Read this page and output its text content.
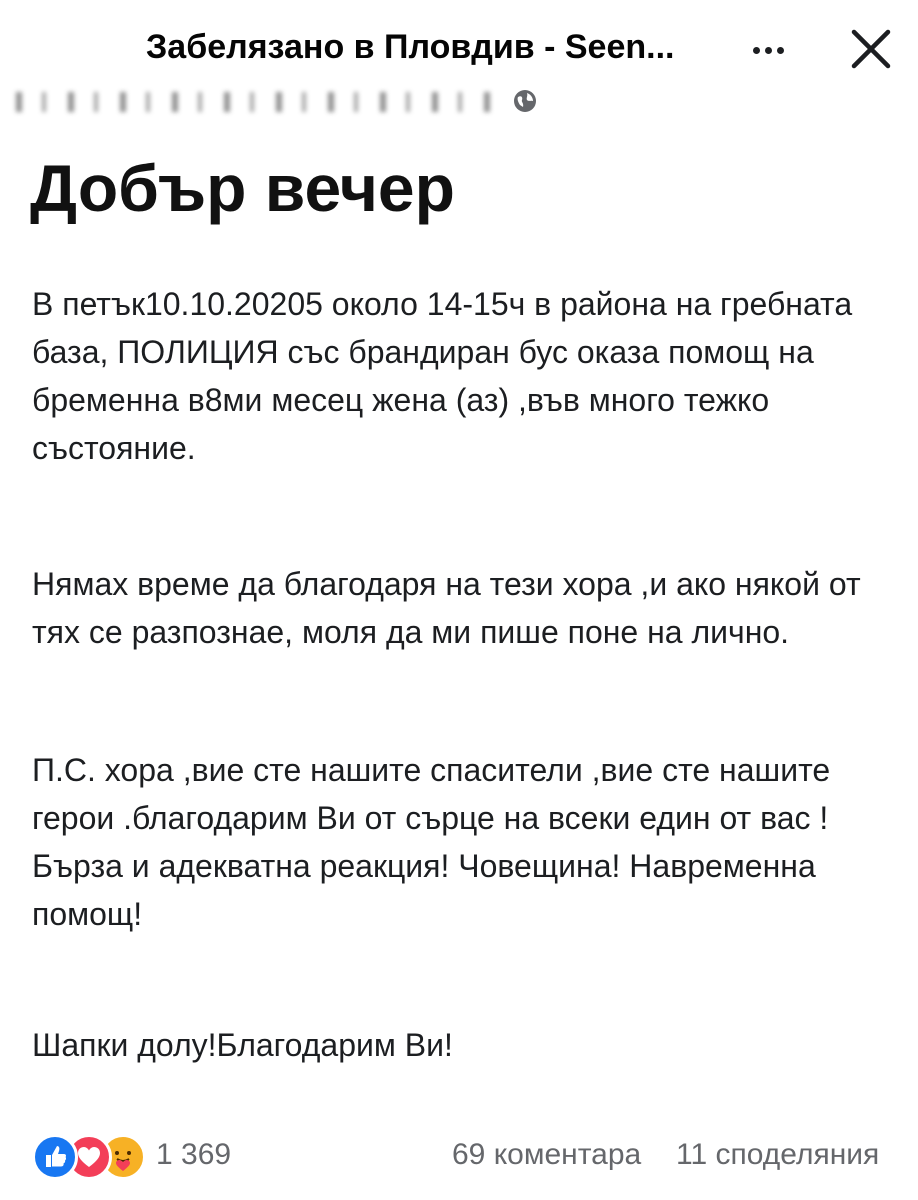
Забелязано в Пловдив - Seen...
Добър вечер

В петък10.10.20205 около 14-15ч в района на гребната база, ПОЛИЦИЯ със брандиран бус оказа помощ на бременна в8ми месец жена (аз) ,във много тежко състояние.

Нямах време да благодаря на тези хора ,и ако някой от тях се разпознае, моля да ми пише поне на лично.

П.С. хора ,вие сте нашите спасители ,вие сте нашите герои .благодарим Ви от сърце на всеки един от вас !Бърза и адекватна реакция! Човещина! Навременна помощ!

Шапки долу!Благодарим Ви!

1 369	69 коментара 11 споделяния
